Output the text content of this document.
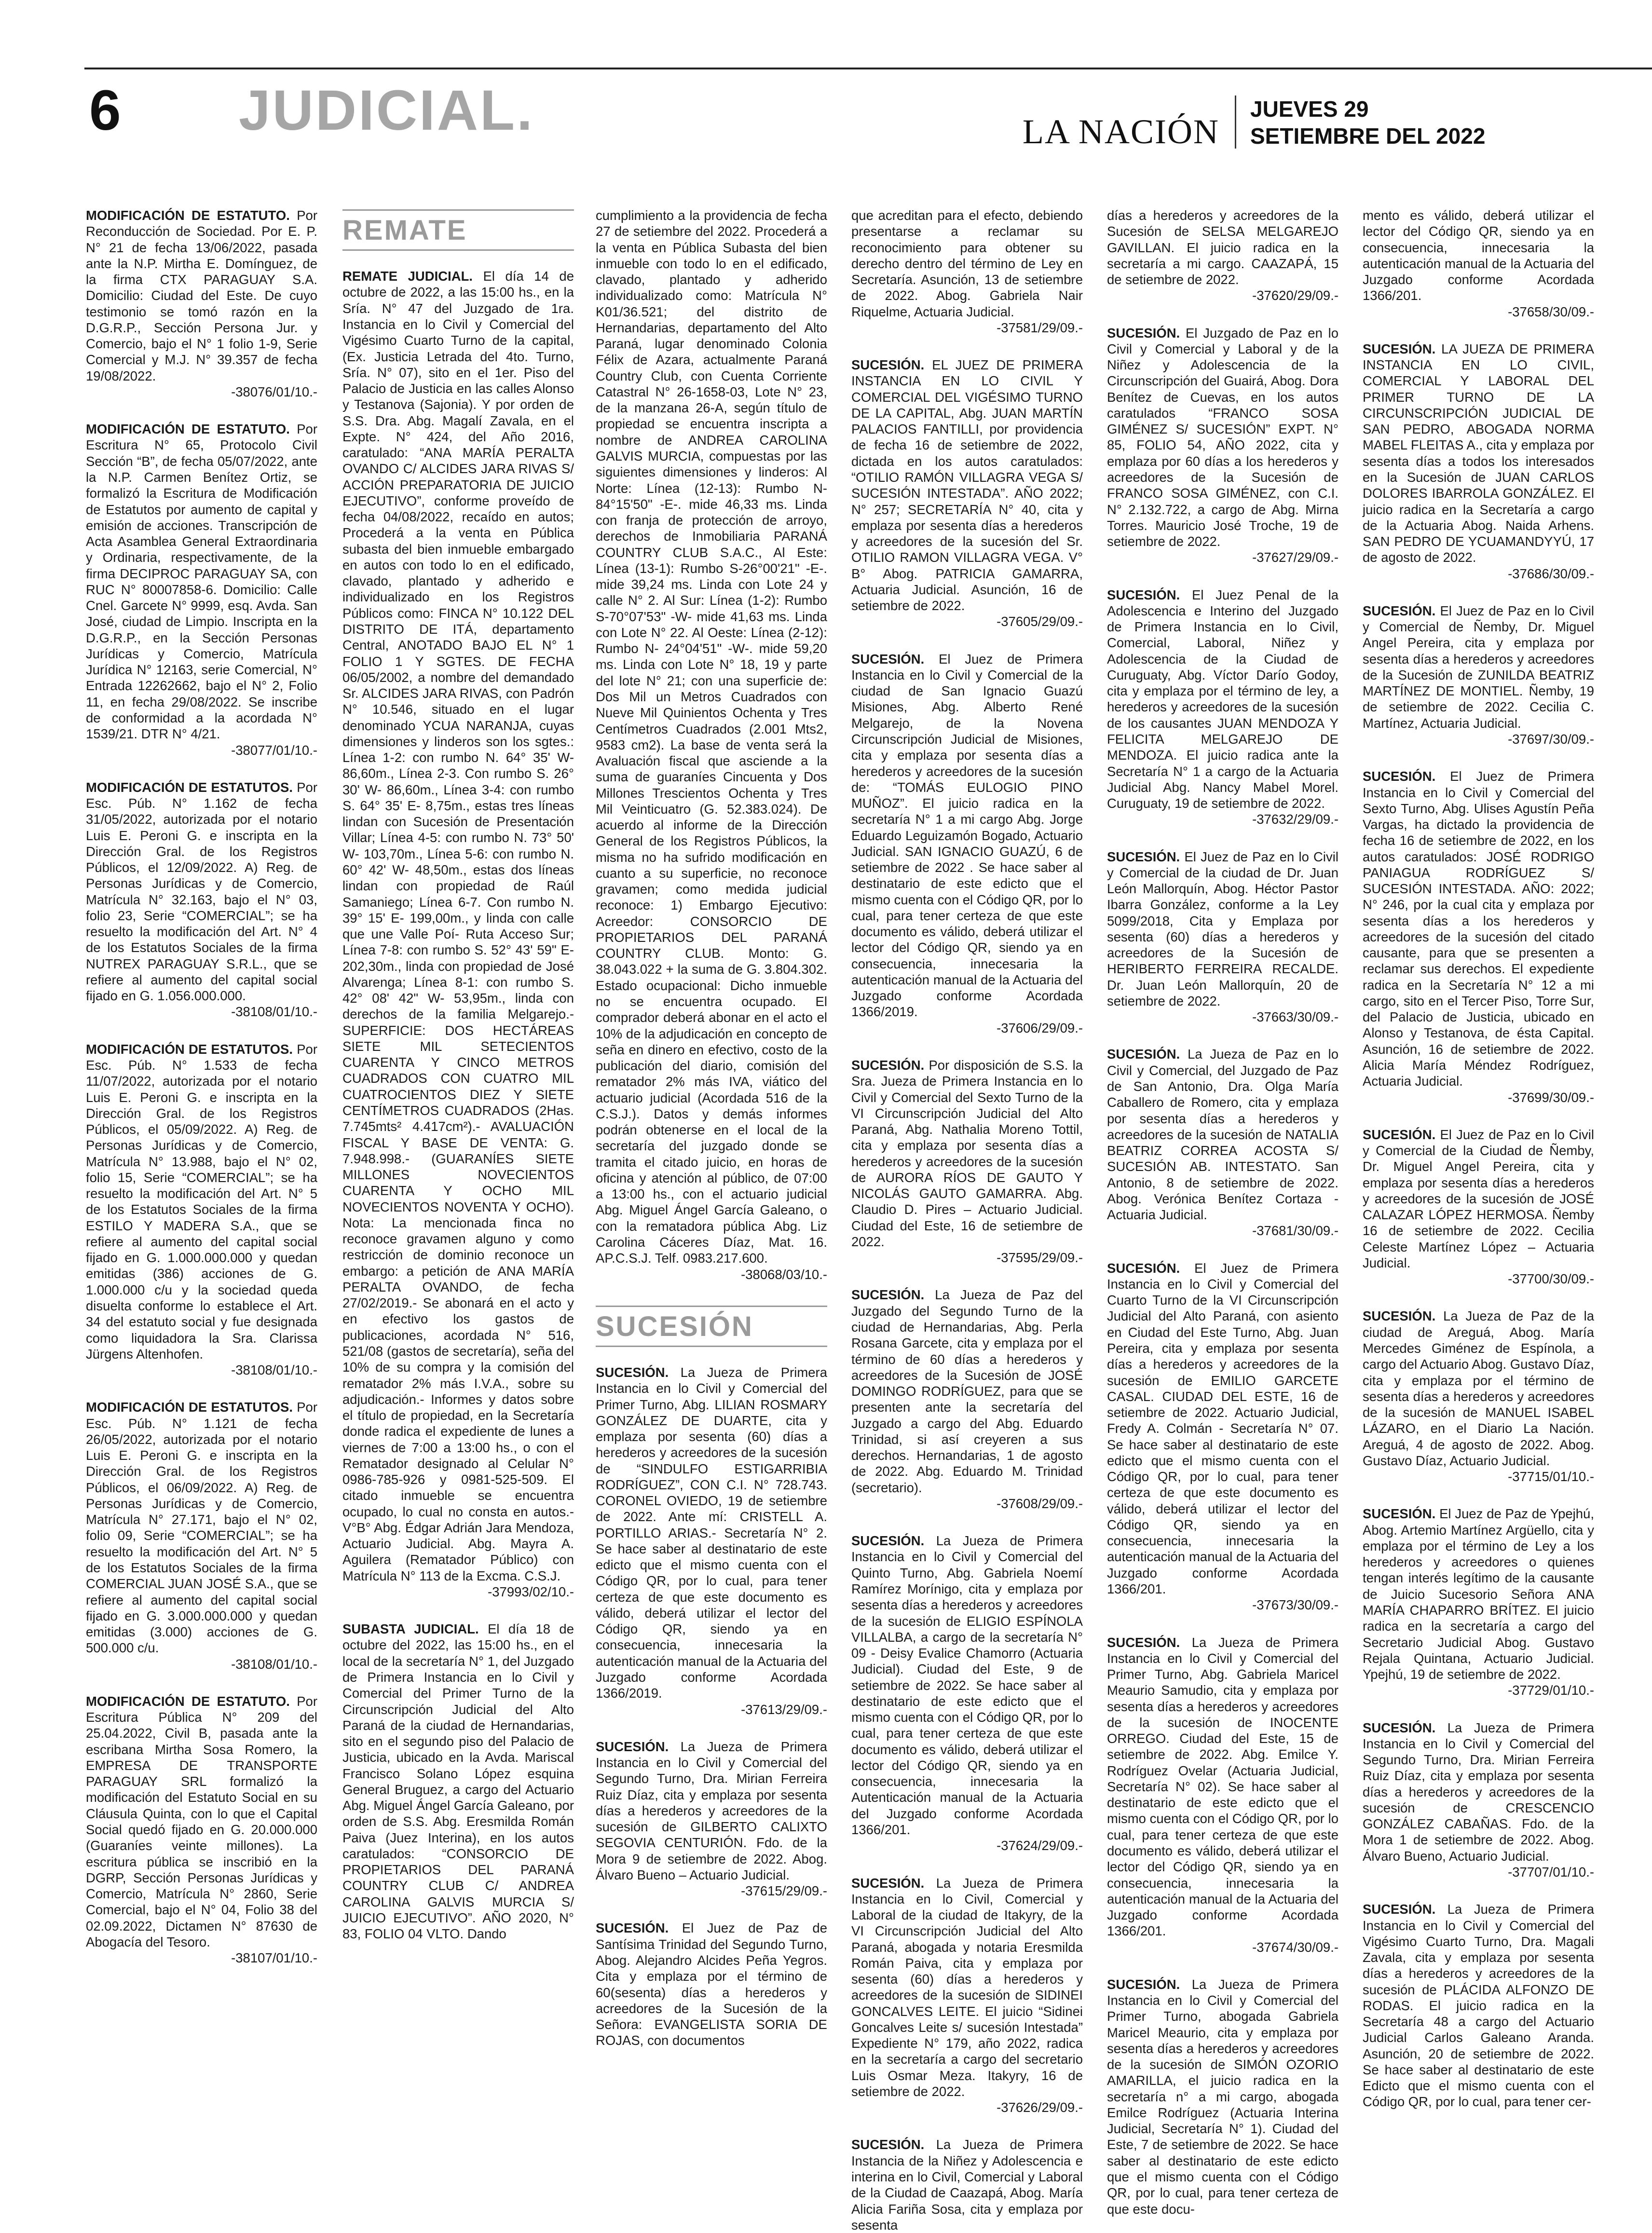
6 JUDICIAL.	LA NACIÓN
JUEVES 29
SETIEMBRE DEL 2022
MODIFICACIÓN DE ESTATUTO. Por Reconducción de Sociedad. Por E. P. N° 21 de fecha 13/06/2022, pasada ante la N.P. Mirtha E. Domínguez, de la firma CTX PARAGUAY S.A. Domicilio: Ciudad del Este. De cuyo testimonio se tomó razón en la D.G.R.P., Sección Persona Jur. y Comercio, bajo el N° 1 folio 1-9, Serie Comercial y M.J. N° 39.357 de fecha 19/08/2022.
-38076/01/10.-
MODIFICACIÓN DE ESTATUTO. Por Escritura N° 65, Protocolo Civil Sección “B”, de fecha 05/07/2022, ante la N.P. Carmen Benítez Ortiz, se formalizó la Escritura de Modificación de Estatutos por aumento de capital y emisión de acciones. Transcripción de Acta Asamblea General Extraordinaria y Ordinaria, respectivamente, de la firma DECIPROC PARAGUAY SA, con RUC N° 80007858-6. Domicilio: Calle Cnel. Garcete N° 9999, esq. Avda. San José, ciudad de Limpio. Inscripta en la D.G.R.P., en la Sección Personas Jurídicas y Comercio, Matrícula Jurídica N° 12163, serie Comercial, N° Entrada 12262662, bajo el N° 2, Folio 11, en fecha 29/08/2022. Se inscribe de conformidad a la acordada N° 1539/21. DTR N° 4/21.
-38077/01/10.-
MODIFICACIÓN DE ESTATUTOS. Por Esc. Púb. N° 1.162 de fecha 31/05/2022, autorizada por el notario Luis E. Peroni G. e inscripta en la Dirección Gral. de los Registros Públicos, el 12/09/2022. A) Reg. de Personas Jurídicas y de Comercio, Matrícula N° 32.163, bajo el N° 03, folio 23, Serie “COMERCIAL”; se ha resuelto la modificación del Art. N° 4 de los Estatutos Sociales de la firma NUTREX PARAGUAY S.R.L., que se refiere al aumento del capital social fijado en G. 1.056.000.000.
-38108/01/10.-
MODIFICACIÓN DE ESTATUTOS. Por Esc. Púb. N° 1.533 de fecha 11/07/2022, autorizada por el notario Luis E. Peroni G. e inscripta en la Dirección Gral. de los Registros Públicos, el 05/09/2022. A) Reg. de Personas Jurídicas y de Comercio, Matrícula N° 13.988, bajo el N° 02, folio 15, Serie “COMERCIAL”; se ha resuelto la modificación del Art. N° 5 de los Estatutos Sociales de la firma ESTILO Y MADERA S.A., que se refiere al aumento del capital social fijado en G. 1.000.000.000 y quedan emitidas (386) acciones de G. 1.000.000 c/u y la sociedad queda disuelta conforme lo establece el Art. 34 del estatuto social y fue designada como liquidadora la Sra. Clarissa Jürgens Altenhofen.
-38108/01/10.-
MODIFICACIÓN DE ESTATUTOS. Por Esc. Púb. N° 1.121 de fecha 26/05/2022, autorizada por el notario Luis E. Peroni G. e inscripta en la Dirección Gral. de los Registros Públicos, el 06/09/2022. A) Reg. de Personas Jurídicas y de Comercio, Matrícula N° 27.171, bajo el N° 02, folio 09, Serie “COMERCIAL”; se ha resuelto la modificación del Art. N° 5 de los Estatutos Sociales de la firma COMERCIAL JUAN JOSÉ S.A., que se refiere al aumento del capital social fijado en G. 3.000.000.000 y quedan emitidas (3.000) acciones de G. 500.000 c/u.
-38108/01/10.-
MODIFICACIÓN DE ESTATUTO. Por Escritura Pública N° 209 del 25.04.2022, Civil B, pasada ante la escribana Mirtha Sosa Romero, la EMPRESA DE TRANSPORTE PARAGUAY SRL formalizó la modificación del Estatuto Social en su Cláusula Quinta, con lo que el Capital Social quedó fijado en G. 20.000.000 (Guaraníes veinte millones). La escritura pública se inscribió en la DGRP, Sección Personas Jurídicas y Comercio, Matrícula N° 2860, Serie Comercial, bajo el N° 04, Folio 38 del 02.09.2022, Dictamen N° 87630 de Abogacía del Tesoro.
-38107/01/10.-
REMATE
REMATE JUDICIAL. El día 14 de octubre de 2022, a las 15:00 hs., en la Sría. N° 47 del Juzgado de 1ra. Instancia en lo Civil y Comercial del Vigésimo Cuarto Turno de la capital, (Ex. Justicia Letrada del 4to. Turno, Sría. N° 07), sito en el 1er. Piso del Palacio de Justicia en las calles Alonso y Testanova (Sajonia). Y por orden de S.S. Dra. Abg. Magalí Zavala, en el Expte. N° 424, del Año 2016, caratulado: “ANA MARÍA PERALTA OVANDO C/ ALCIDES JARA RIVAS S/ ACCIÓN PREPARATORIA DE JUICIO EJECUTIVO”, conforme proveído de fecha 04/08/2022, recaído en autos; Procederá a la venta en Pública subasta del bien inmueble embargado en autos con todo lo en el edificado, clavado, plantado y adherido e individualizado en los Registros Públicos como: FINCA N° 10.122 DEL DISTRITO DE ITÁ, departamento Central, ANOTADO BAJO EL N° 1 FOLIO 1 Y SGTES. DE FECHA 06/05/2002, a nombre del demandado Sr. ALCIDES JARA RIVAS, con Padrón N° 10.546, situado en el lugar denominado YCUA NARANJA, cuyas dimensiones y linderos son los sgtes.: Línea 1-2: con rumbo N. 64° 35' W- 86,60m., Línea 2-3. Con rumbo S. 26° 30' W- 86,60m., Línea 3-4: con rumbo S. 64° 35' E- 8,75m., estas tres líneas lindan con Sucesión de Presentación Villar; Línea 4-5: con rumbo N. 73° 50' W- 103,70m., Línea 5-6: con rumbo N. 60° 42' W- 48,50m., estas dos líneas lindan con propiedad de Raúl Samaniego; Línea 6-7. Con rumbo N. 39° 15' E- 199,00m., y linda con calle que une Valle Poí- Ruta Acceso Sur; Línea 7-8: con rumbo S. 52° 43' 59" E- 202,30m., linda con propiedad de José Alvarenga; Línea 8-1: con rumbo S. 42° 08' 42" W- 53,95m., linda con derechos de la familia Melgarejo.- SUPERFICIE: DOS HECTÁREAS SIETE MIL SETECIENTOS CUARENTA Y CINCO METROS CUADRADOS CON CUATRO MIL CUATROCIENTOS DIEZ Y SIETE CENTÍMETROS CUADRADOS (2Has. 7.745mts² 4.417cm²).- AVALUACIÓN FISCAL Y BASE DE VENTA: G. 7.948.998.- (GUARANÍES SIETE MILLONES NOVECIENTOS CUARENTA Y OCHO MIL NOVECIENTOS NOVENTA Y OCHO). Nota: La mencionada finca no reconoce gravamen alguno y como restricción de dominio reconoce un embargo: a petición de ANA MARÍA PERALTA OVANDO, de fecha 27/02/2019.- Se abonará en el acto y en efectivo los gastos de publicaciones, acordada N° 516, 521/08 (gastos de secretaría), seña del 10% de su compra y la comisión del rematador 2% más I.V.A., sobre su adjudicación.- Informes y datos sobre el título de propiedad, en la Secretaría donde radica el expediente de lunes a viernes de 7:00 a 13:00 hs., o con el Rematador designado al Celular N° 0986-785-926 y 0981-525-509. El citado inmueble se encuentra ocupado, lo cual no consta en autos.- V°B° Abg. Édgar Adrián Jara Mendoza, Actuario Judicial. Abg. Mayra A. Aguilera (Rematador Público) con Matrícula N° 113 de la Excma. C.S.J.
-37993/02/10.-
SUBASTA JUDICIAL. El día 18 de octubre del 2022, las 15:00 hs., en el local de la secretaría N° 1, del Juzgado de Primera Instancia en lo Civil y Comercial del Primer Turno de la Circunscripción Judicial del Alto Paraná de la ciudad de Hernandarias, sito en el segundo piso del Palacio de Justicia, ubicado en la Avda. Mariscal Francisco Solano López esquina General Bruguez, a cargo del Actuario Abg. Miguel Ángel García Galeano, por orden de S.S. Abg. Eresmilda Román Paiva (Juez Interina), en los autos caratulados: “CONSORCIO DE PROPIETARIOS DEL PARANÁ COUNTRY CLUB C/ ANDREA CAROLINA GALVIS MURCIA S/ JUICIO EJECUTIVO”. AÑO 2020, N° 83, FOLIO 04 VLTO. Dando
cumplimiento a la providencia de fecha 27 de setiembre del 2022. Procederá a la venta en Pública Subasta del bien inmueble con todo lo en el edificado, clavado, plantado y adherido individualizado como: Matrícula N° K01/36.521; del distrito de Hernandarias, departamento del Alto Paraná, lugar denominado Colonia Félix de Azara, actualmente Paraná Country Club, con Cuenta Corriente Catastral N° 26-1658-03, Lote N° 23, de la manzana 26-A, según título de propiedad se encuentra inscripta a nombre de ANDREA CAROLINA GALVIS MURCIA, compuestas por las siguientes dimensiones y linderos: Al Norte: Línea (12-13): Rumbo N- 84°15'50" -E-. mide 46,33 ms. Linda con franja de protección de arroyo, derechos de Inmobiliaria PARANÁ COUNTRY CLUB S.A.C., Al Este: Línea (13-1): Rumbo S-26°00'21" -E-. mide 39,24 ms. Linda con Lote 24 y calle N° 2. Al Sur: Línea (1-2): Rumbo S-70°07'53" -W- mide 41,63 ms. Linda con Lote N° 22. Al Oeste: Línea (2-12): Rumbo N- 24°04'51" -W-. mide 59,20 ms. Linda con Lote N° 18, 19 y parte del lote N° 21; con una superficie de: Dos Mil un Metros Cuadrados con Nueve Mil Quinientos Ochenta y Tres Centímetros Cuadrados (2.001 Mts2, 9583 cm2). La base de venta será la Avaluación fiscal que asciende a la suma de guaraníes Cincuenta y Dos Millones Trescientos Ochenta y Tres Mil Veinticuatro (G. 52.383.024). De acuerdo al informe de la Dirección General de los Registros Públicos, la misma no ha sufrido modificación en cuanto a su superficie, no reconoce gravamen; como medida judicial reconoce: 1) Embargo Ejecutivo: Acreedor: CONSORCIO DE PROPIETARIOS DEL PARANÁ COUNTRY CLUB. Monto: G. 38.043.022 + la suma de G. 3.804.302. Estado ocupacional: Dicho inmueble no se encuentra ocupado. El comprador deberá abonar en el acto el 10% de la adjudicación en concepto de seña en dinero en efectivo, costo de la publicación del diario, comisión del rematador 2% más IVA, viático del actuario judicial (Acordada 516 de la C.S.J.). Datos y demás informes podrán obtenerse en el local de la secretaría del juzgado donde se tramita el citado juicio, en horas de oficina y atención al público, de 07:00 a 13:00 hs., con el actuario judicial Abg. Miguel Ángel García Galeano, o con la rematadora pública Abg. Liz Carolina Cáceres Díaz, Mat. 16. AP.C.S.J. Telf. 0983.217.600.
-38068/03/10.-
SUCESIÓN
SUCESIÓN. La Jueza de Primera Instancia en lo Civil y Comercial del Primer Turno, Abg. LILIAN ROSMARY GONZÁLEZ DE DUARTE, cita y emplaza por sesenta (60) días a herederos y acreedores de la sucesión de “SINDULFO ESTIGARRIBIA RODRÍGUEZ”, CON C.I. N° 728.743. CORONEL OVIEDO, 19 de setiembre de 2022. Ante mí: CRISTELL A. PORTILLO ARIAS.- Secretaría N° 2. Se hace saber al destinatario de este edicto que el mismo cuenta con el Código QR, por lo cual, para tener certeza de que este documento es válido, deberá utilizar el lector del Código QR, siendo ya en consecuencia, innecesaria la autenticación manual de la Actuaria del Juzgado conforme Acordada 1366/2019.
-37613/29/09.-
SUCESIÓN. La Jueza de Primera Instancia en lo Civil y Comercial del Segundo Turno, Dra. Mirian Ferreira Ruiz Díaz, cita y emplaza por sesenta días a herederos y acreedores de la sucesión de GILBERTO CALIXTO SEGOVIA CENTURIÓN. Fdo. de la Mora 9 de setiembre de 2022. Abog. Álvaro Bueno – Actuario Judicial.
-37615/29/09.-
SUCESIÓN. El Juez de Paz de Santísima Trinidad del Segundo Turno, Abog. Alejandro Alcides Peña Yegros. Cita y emplaza por el término de 60(sesenta) días a herederos y acreedores de la Sucesión de la Señora: EVANGELISTA SORIA DE ROJAS, con documentos
que acreditan para el efecto, debiendo presentarse a reclamar su reconocimiento para obtener su derecho dentro del término de Ley en Secretaría. Asunción, 13 de setiembre de 2022. Abog. Gabriela Nair Riquelme, Actuaria Judicial.
-37581/29/09.-
SUCESIÓN. EL JUEZ DE PRIMERA INSTANCIA EN LO CIVIL Y COMERCIAL DEL VIGÉSIMO TURNO DE LA CAPITAL, Abg. JUAN MARTÍN PALACIOS FANTILLI, por providencia de fecha 16 de setiembre de 2022, dictada en los autos caratulados: “OTILIO RAMÓN VILLAGRA VEGA S/ SUCESIÓN INTESTADA”. AÑO 2022; N° 257; SECRETARÍA N° 40, cita y emplaza por sesenta días a herederos y acreedores de la sucesión del Sr. OTILIO RAMON VILLAGRA VEGA. V° B° Abog. PATRICIA GAMARRA, Actuaria Judicial. Asunción, 16 de setiembre de 2022.
-37605/29/09.-
SUCESIÓN. El Juez de Primera Instancia en lo Civil y Comercial de la ciudad de San Ignacio Guazú Misiones, Abg. Alberto René Melgarejo, de la Novena Circunscripción Judicial de Misiones, cita y emplaza por sesenta días a herederos y acreedores de la sucesión de: “TOMÁS EULOGIO PINO MUÑOZ”. El juicio radica en la secretaría N° 1 a mi cargo Abg. Jorge Eduardo Leguizamón Bogado, Actuario Judicial. SAN IGNACIO GUAZÚ, 6 de setiembre de 2022 . Se hace saber al destinatario de este edicto que el mismo cuenta con el Código QR, por lo cual, para tener certeza de que este documento es válido, deberá utilizar el lector del Código QR, siendo ya en consecuencia, innecesaria la autenticación manual de la Actuaria del Juzgado conforme Acordada 1366/2019.
-37606/29/09.-
SUCESIÓN. Por disposición de S.S. la Sra. Jueza de Primera Instancia en lo Civil y Comercial del Sexto Turno de la VI Circunscripción Judicial del Alto Paraná, Abg. Nathalia Moreno Tottil, cita y emplaza por sesenta días a herederos y acreedores de la sucesión de AURORA RÍOS DE GAUTO Y NICOLÁS GAUTO GAMARRA. Abg. Claudio D. Pires – Actuario Judicial. Ciudad del Este, 16 de setiembre de 2022.
-37595/29/09.-
SUCESIÓN. La Jueza de Paz del Juzgado del Segundo Turno de la ciudad de Hernandarias, Abg. Perla Rosana Garcete, cita y emplaza por el término de 60 días a herederos y acreedores de la Sucesión de JOSÉ DOMINGO RODRÍGUEZ, para que se presenten ante la secretaría del Juzgado a cargo del Abg. Eduardo Trinidad, si así creyeren a sus derechos. Hernandarias, 1 de agosto de 2022. Abg. Eduardo M. Trinidad (secretario).
-37608/29/09.-
SUCESIÓN. La Jueza de Primera Instancia en lo Civil y Comercial del Quinto Turno, Abg. Gabriela Noemí Ramírez Morínigo, cita y emplaza por sesenta días a herederos y acreedores de la sucesión de ELIGIO ESPÍNOLA VILLALBA, a cargo de la secretaría N° 09 - Deisy Evalice Chamorro (Actuaria Judicial). Ciudad del Este, 9 de setiembre de 2022. Se hace saber al destinatario de este edicto que el mismo cuenta con el Código QR, por lo cual, para tener certeza de que este documento es válido, deberá utilizar el lector del Código QR, siendo ya en consecuencia, innecesaria la Autenticación manual de la Actuaria del Juzgado conforme Acordada 1366/201.
-37624/29/09.-
SUCESIÓN. La Jueza de Primera Instancia en lo Civil, Comercial y Laboral de la ciudad de Itakyry, de la VI Circunscripción Judicial del Alto Paraná, abogada y notaria Eresmilda Román Paiva, cita y emplaza por sesenta (60) días a herederos y acreedores de la sucesión de SIDINEI GONCALVES LEITE. El juicio “Sidinei Goncalves Leite s/ sucesión Intestada” Expediente N° 179, año 2022, radica en la secretaría a cargo del secretario Luis Osmar Meza. Itakyry, 16 de setiembre de 2022.
-37626/29/09.-
SUCESIÓN. La Jueza de Primera Instancia de la Niñez y Adolescencia e interina en lo Civil, Comercial y Laboral de la Ciudad de Caazapá, Abog. María Alicia Fariña Sosa, cita y emplaza por sesenta
días a herederos y acreedores de la Sucesión de SELSA MELGAREJO GAVILLAN. El juicio radica en la secretaría a mi cargo. CAAZAPÁ, 15 de setiembre de 2022.
-37620/29/09.-
SUCESIÓN. El Juzgado de Paz en lo Civil y Comercial y Laboral y de la Niñez y Adolescencia de la Circunscripción del Guairá, Abog. Dora Benítez de Cuevas, en los autos caratulados “FRANCO SOSA GIMÉNEZ S/ SUCESIÓN” EXPT. N° 85, FOLIO 54, AÑO 2022, cita y emplaza por 60 días a los herederos y acreedores de la Sucesión de FRANCO SOSA GIMÉNEZ, con C.I. N° 2.132.722, a cargo de Abg. Mirna Torres. Mauricio José Troche, 19 de setiembre de 2022.
-37627/29/09.-
SUCESIÓN. El Juez Penal de la Adolescencia e Interino del Juzgado de Primera Instancia en lo Civil, Comercial, Laboral, Niñez y Adolescencia de la Ciudad de Curuguaty, Abg. Víctor Darío Godoy, cita y emplaza por el término de ley, a herederos y acreedores de la sucesión de los causantes JUAN MENDOZA Y FELICITA MELGAREJO DE MENDOZA. El juicio radica ante la Secretaría N° 1 a cargo de la Actuaria Judicial Abg. Nancy Mabel Morel. Curuguaty, 19 de setiembre de 2022.
-37632/29/09.-
SUCESIÓN. El Juez de Paz en lo Civil y Comercial de la ciudad de Dr. Juan León Mallorquín, Abog. Héctor Pastor Ibarra González, conforme a la Ley 5099/2018, Cita y Emplaza por sesenta (60) días a herederos y acreedores de la Sucesión de HERIBERTO FERREIRA RECALDE. Dr. Juan León Mallorquín, 20 de setiembre de 2022.
-37663/30/09.-
SUCESIÓN. La Jueza de Paz en lo Civil y Comercial, del Juzgado de Paz de San Antonio, Dra. Olga María Caballero de Romero, cita y emplaza por sesenta días a herederos y acreedores de la sucesión de NATALIA BEATRIZ CORREA ACOSTA S/ SUCESIÓN AB. INTESTATO. San Antonio, 8 de setiembre de 2022. Abog. Verónica Benítez Cortaza - Actuaria Judicial.
-37681/30/09.-
SUCESIÓN. El Juez de Primera Instancia en lo Civil y Comercial del Cuarto Turno de la VI Circunscripción Judicial del Alto Paraná, con asiento en Ciudad del Este Turno, Abg. Juan Pereira, cita y emplaza por sesenta días a herederos y acreedores de la sucesión de EMILIO GARCETE CASAL. CIUDAD DEL ESTE, 16 de setiembre de 2022. Actuario Judicial, Fredy A. Colmán - Secretaría N° 07. Se hace saber al destinatario de este edicto que el mismo cuenta con el Código QR, por lo cual, para tener certeza de que este documento es válido, deberá utilizar el lector del Código QR, siendo ya en consecuencia, innecesaria la autenticación manual de la Actuaria del Juzgado conforme Acordada 1366/201.
-37673/30/09.-
SUCESIÓN. La Jueza de Primera Instancia en lo Civil y Comercial del Primer Turno, Abg. Gabriela Maricel Meaurio Samudio, cita y emplaza por sesenta días a herederos y acreedores de la sucesión de INOCENTE ORREGO. Ciudad del Este, 15 de setiembre de 2022. Abg. Emilce Y. Rodríguez Ovelar (Actuaria Judicial, Secretaría N° 02). Se hace saber al destinatario de este edicto que el mismo cuenta con el Código QR, por lo cual, para tener certeza de que este documento es válido, deberá utilizar el lector del Código QR, siendo ya en consecuencia, innecesaria la autenticación manual de la Actuaria del Juzgado conforme Acordada 1366/201.
-37674/30/09.-
SUCESIÓN. La Jueza de Primera Instancia en lo Civil y Comercial del Primer Turno, abogada Gabriela Maricel Meaurio, cita y emplaza por sesenta días a herederos y acreedores de la sucesión de SIMÓN OZORIO AMARILLA, el juicio radica en la secretaría n° a mi cargo, abogada Emilce Rodríguez (Actuaria Interina Judicial, Secretaría N° 1). Ciudad del Este, 7 de setiembre de 2022. Se hace saber al destinatario de este edicto que el mismo cuenta con el Código QR, por lo cual, para tener certeza de que este docu-
mento es válido, deberá utilizar el lector del Código QR, siendo ya en consecuencia, innecesaria la autenticación manual de la Actuaria del Juzgado conforme Acordada 1366/201.
-37658/30/09.-
SUCESIÓN. LA JUEZA DE PRIMERA INSTANCIA EN LO CIVIL, COMERCIAL Y LABORAL DEL PRIMER TURNO DE LA CIRCUNSCRIPCIÓN JUDICIAL DE SAN PEDRO, ABOGADA NORMA MABEL FLEITAS A., cita y emplaza por sesenta días a todos los interesados en la Sucesión de JUAN CARLOS DOLORES IBARROLA GONZÁLEZ. El juicio radica en la Secretaría a cargo de la Actuaria Abog. Naida Arhens. SAN PEDRO DE YCUAMANDYYÚ, 17 de agosto de 2022.
-37686/30/09.-
SUCESIÓN. El Juez de Paz en lo Civil y Comercial de Ñemby, Dr. Miguel Angel Pereira, cita y emplaza por sesenta días a herederos y acreedores de la Sucesión de ZUNILDA BEATRIZ MARTÍNEZ DE MONTIEL. Ñemby, 19 de setiembre de 2022. Cecilia C. Martínez, Actuaria Judicial.
-37697/30/09.-
SUCESIÓN. El Juez de Primera Instancia en lo Civil y Comercial del Sexto Turno, Abg. Ulises Agustín Peña Vargas, ha dictado la providencia de fecha 16 de setiembre de 2022, en los autos caratulados: JOSÉ RODRIGO PANIAGUA RODRÍGUEZ S/ SUCESIÓN INTESTADA. AÑO: 2022; N° 246, por la cual cita y emplaza por sesenta días a los herederos y acreedores de la sucesión del citado causante, para que se presenten a reclamar sus derechos. El expediente radica en la Secretaría N° 12 a mi cargo, sito en el Tercer Piso, Torre Sur, del Palacio de Justicia, ubicado en Alonso y Testanova, de ésta Capital. Asunción, 16 de setiembre de 2022. Alicia María Méndez Rodríguez, Actuaria Judicial.
-37699/30/09.-
SUCESIÓN. El Juez de Paz en lo Civil y Comercial de la Ciudad de Ñemby, Dr. Miguel Angel Pereira, cita y emplaza por sesenta días a herederos y acreedores de la sucesión de JOSÉ CALAZAR LÓPEZ HERMOSA. Ñemby 16 de setiembre de 2022. Cecilia Celeste Martínez López – Actuaria Judicial.
-37700/30/09.-
SUCESIÓN. La Jueza de Paz de la ciudad de Areguá, Abog. María Mercedes Giménez de Espínola, a cargo del Actuario Abog. Gustavo Díaz, cita y emplaza por el término de sesenta días a herederos y acreedores de la sucesión de MANUEL ISABEL LÁZARO, en el Diario La Nación. Areguá, 4 de agosto de 2022. Abog. Gustavo Díaz, Actuario Judicial.
-37715/01/10.-
SUCESIÓN. El Juez de Paz de Ypejhú, Abog. Artemio Martínez Argüello, cita y emplaza por el término de Ley a los herederos y acreedores o quienes tengan interés legítimo de la causante de Juicio Sucesorio Señora ANA MARÍA CHAPARRO BRÍTEZ. El juicio radica en la secretaría a cargo del Secretario Judicial Abog. Gustavo Rejala Quintana, Actuario Judicial. Ypejhú, 19 de setiembre de 2022.
-37729/01/10.-
SUCESIÓN. La Jueza de Primera Instancia en lo Civil y Comercial del Segundo Turno, Dra. Mirian Ferreira Ruiz Díaz, cita y emplaza por sesenta días a herederos y acreedores de la sucesión de CRESCENCIO GONZÁLEZ CABAÑAS. Fdo. de la Mora 1 de setiembre de 2022. Abog. Álvaro Bueno, Actuario Judicial.
-37707/01/10.-
SUCESIÓN. La Jueza de Primera Instancia en lo Civil y Comercial del Vigésimo Cuarto Turno, Dra. Magali Zavala, cita y emplaza por sesenta días a herederos y acreedores de la sucesión de PLÁCIDA ALFONZO DE RODAS. El juicio radica en la Secretaría 48 a cargo del Actuario Judicial Carlos Galeano Aranda. Asunción, 20 de setiembre de 2022. Se hace saber al destinatario de este Edicto que el mismo cuenta con el Código QR, por lo cual, para tener cer-
